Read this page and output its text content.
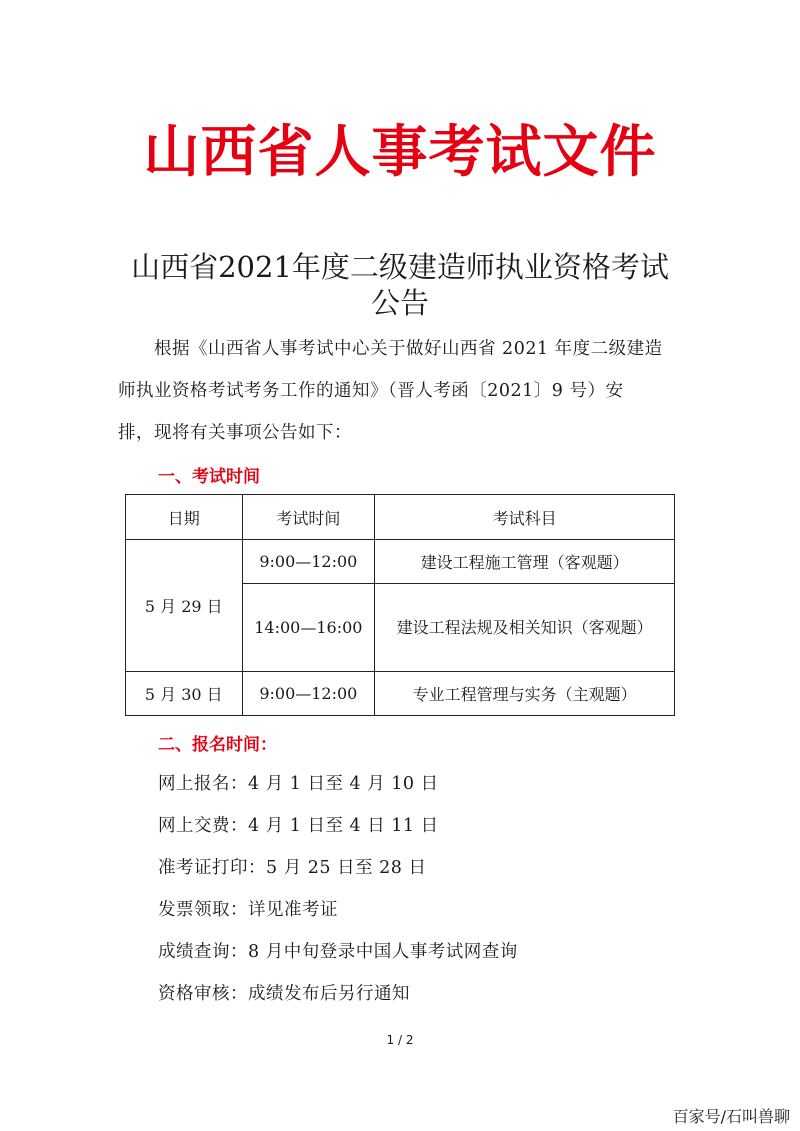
山西省人事考试文件
山西省2021年度二级建造师执业资格考试
公告
根据《山西省人事考试中心关于做好山西省 2021 年度二级建造
师执业资格考试考务工作的通知》（晋人考函〔2021〕9 号）安
排，现将有关事项公告如下：
一、考试时间
日期	考试时间	考试科目
5 月 29 日	9:00—12:00	建设工程施工管理（客观题）
	14:00—16:00	建设工程法规及相关知识（客观题）
5 月 30 日	9:00—12:00	专业工程管理与实务（主观题）
二、报名时间：
网上报名：4 月 1 日至 4 月 10 日
网上交费：4 月 1 日至 4 日 11 日
准考证打印：5 月 25 日至 28 日
发票领取：详见准考证
成绩查询：8 月中旬登录中国人事考试网查询
资格审核：成绩发布后另行通知
1 / 2
百家号/石叫兽聊
